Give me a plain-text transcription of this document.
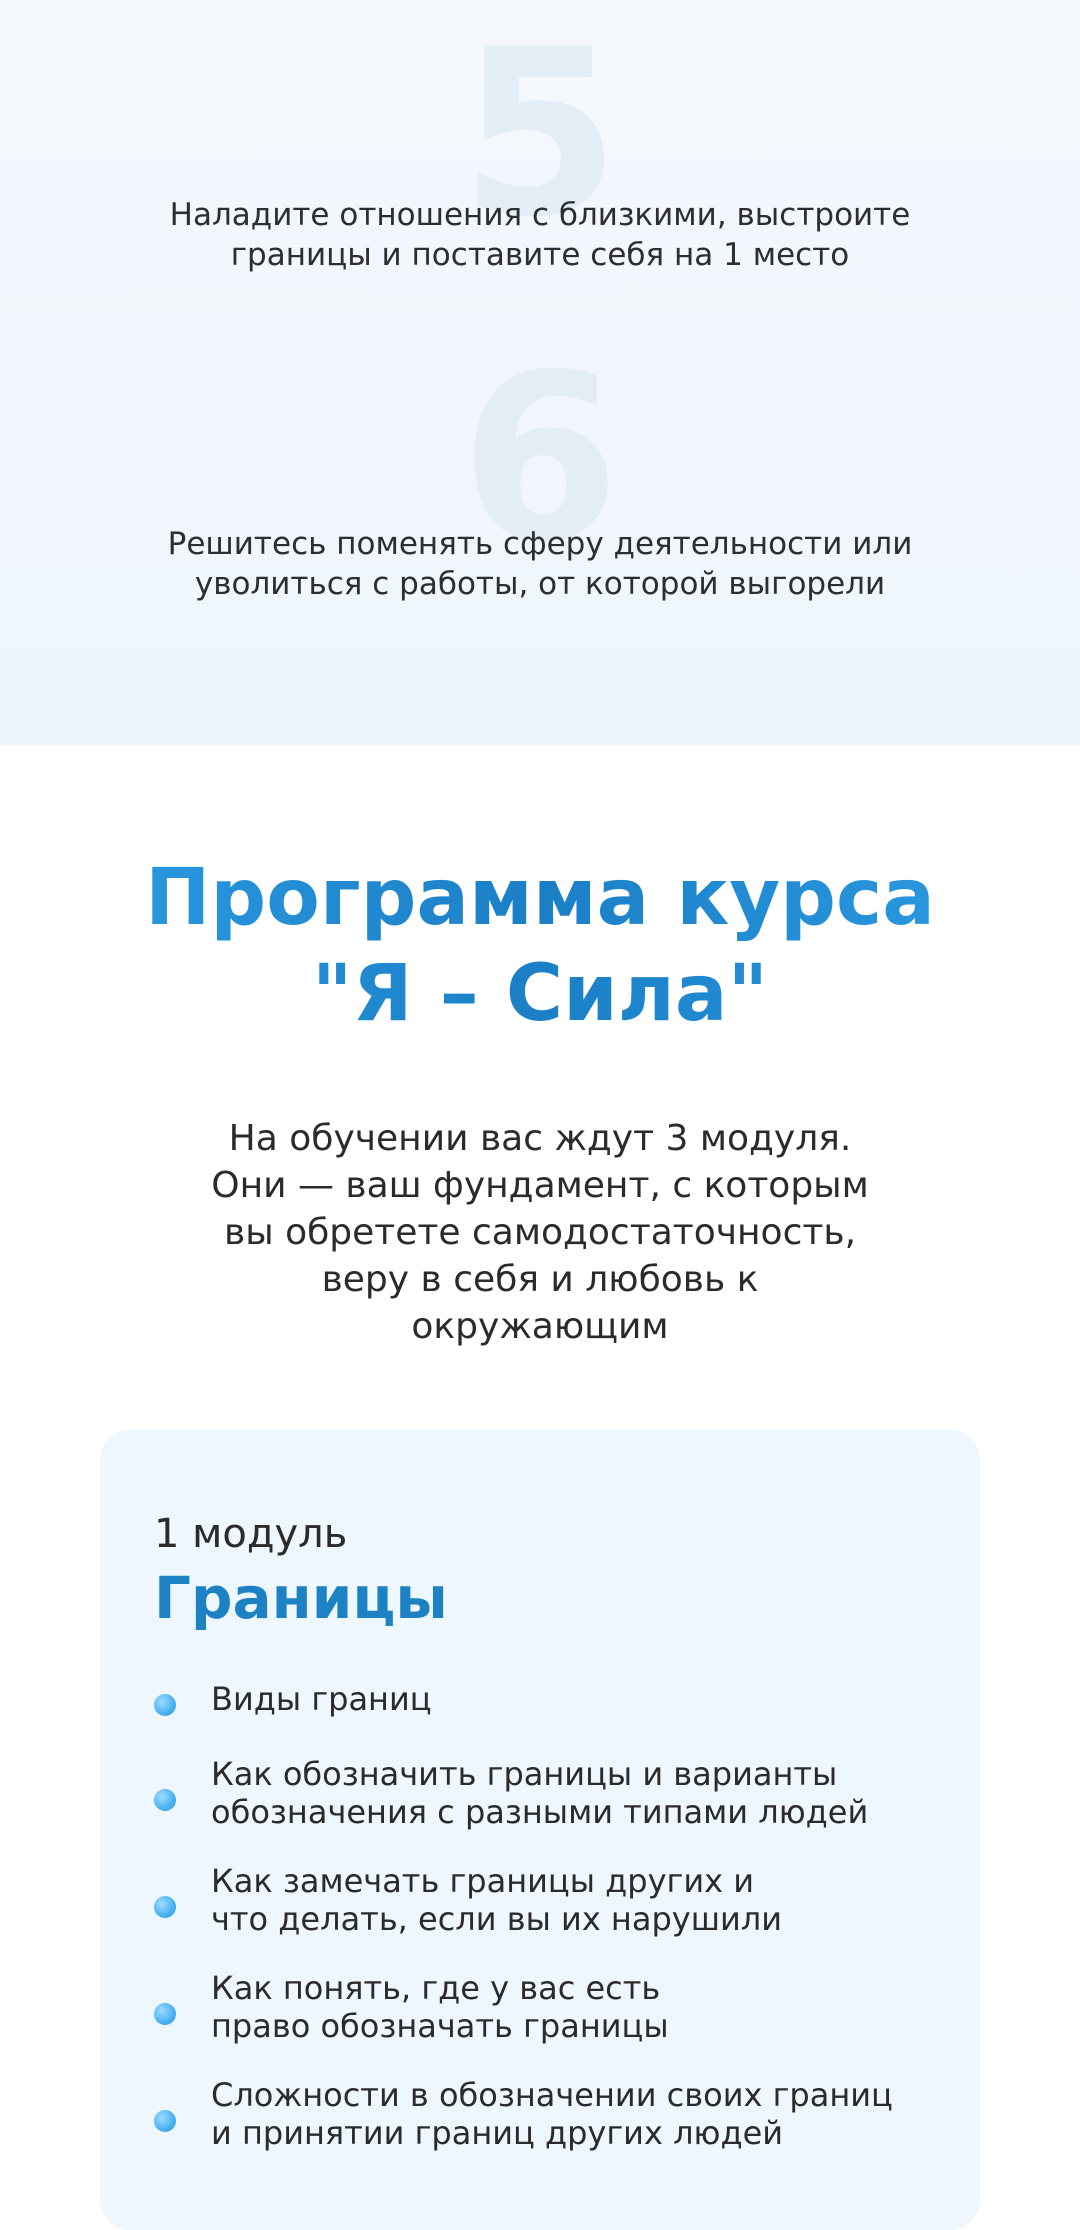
5
Наладите отношения с близкими, выстроите
границы и поставите себя на 1 место
6
Решитесь поменять сферу деятельности или
уволиться с работы, от которой выгорели
Программа курса
"Я – Сила"
На обучении вас ждут 3 модуля.
Они — ваш фундамент, с которым
вы обретете самодостаточность,
веру в себя и любовь к
окружающим
1 модуль
Границы
Виды границ
Как обозначить границы и варианты
обозначения с разными типами людей
Как замечать границы других и
что делать, если вы их нарушили
Как понять, где у вас есть
право обозначать границы
Сложности в обозначении своих границ
и принятии границ других людей
